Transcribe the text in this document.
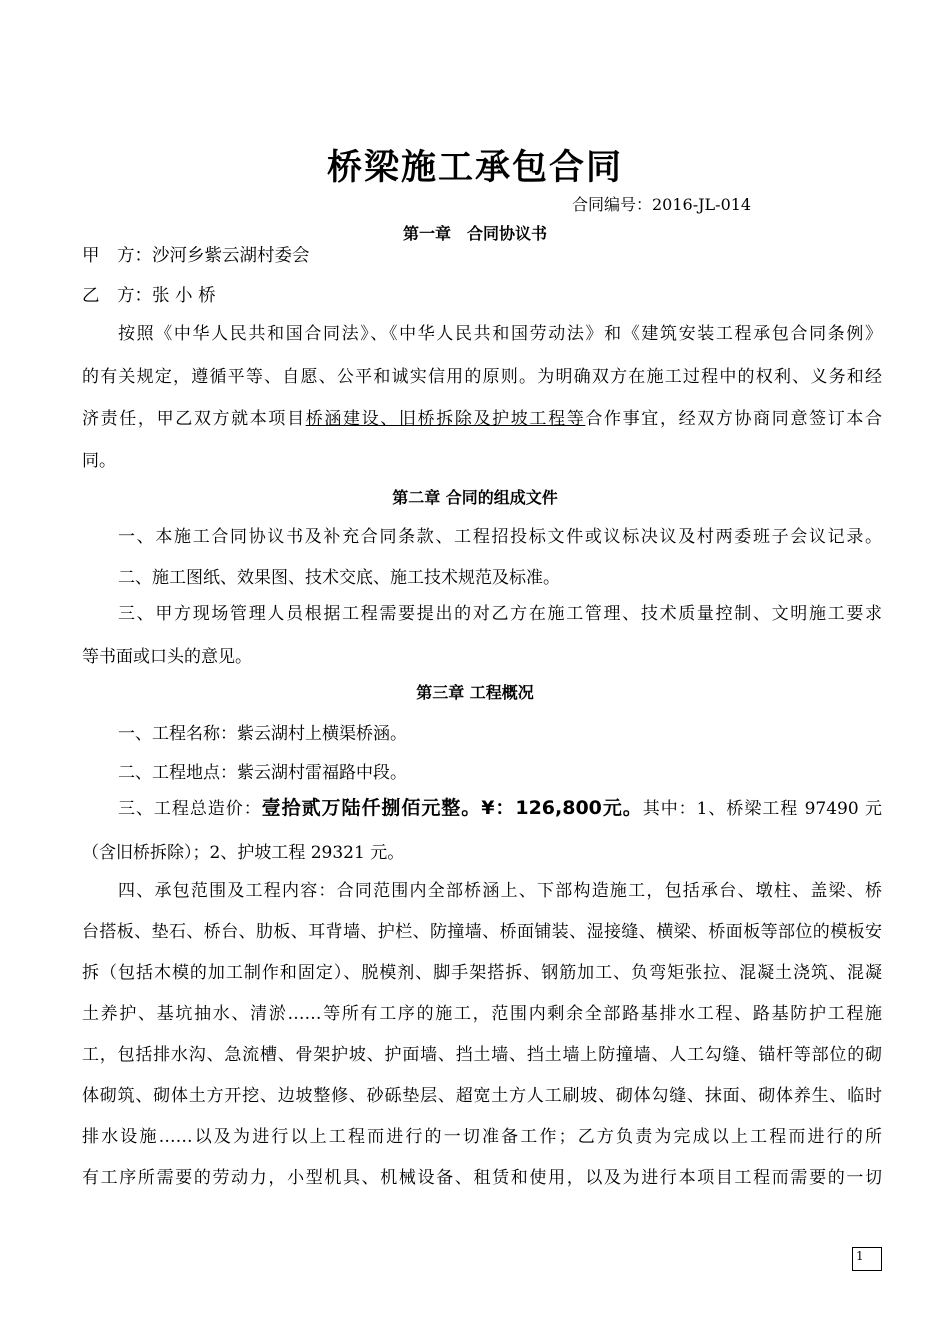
桥梁施工承包合同
合同编号：2016-JL-014
第一章　合同协议书
甲　方：沙河乡紫云湖村委会
乙　方：张 小 桥

按照《中华人民共和国合同法》、《中华人民共和国劳动法》和《建筑安装工程承包合同条例》

的有关规定，遵循平等、自愿、公平和诚实信用的原则。为明确双方在施工过程中的权利、义务和经

济责任，甲乙双方就本项目桥涵建设、旧桥拆除及护坡工程等合作事宜，经双方协商同意签订本合

同。

第二章 合同的组成文件

一、本施工合同协议书及补充合同条款、工程招投标文件或议标决议及村两委班子会议记录。

二、施工图纸、效果图、技术交底、施工技术规范及标准。

三、甲方现场管理人员根据工程需要提出的对乙方在施工管理、技术质量控制、文明施工要求

等书面或口头的意见。

第三章 工程概况

一、工程名称：紫云湖村上横渠桥涵。

二、工程地点：紫云湖村雷福路中段。

三、工程总造价：壹拾贰万陆仟捌佰元整。¥：126,800元。其中：1、桥梁工程 97490 元

（含旧桥拆除）；2、护坡工程 29321 元。

四、承包范围及工程内容：合同范围内全部桥涵上、下部构造施工，包括承台、墩柱、盖梁、桥

台搭板、垫石、桥台、肋板、耳背墙、护栏、防撞墙、桥面铺装、湿接缝、横梁、桥面板等部位的模板安

拆（包括木模的加工制作和固定）、脱模剂、脚手架搭拆、钢筋加工、负弯矩张拉、混凝土浇筑、混凝

土养护、基坑抽水、清淤……等所有工序的施工，范围内剩余全部路基排水工程、路基防护工程施

工，包括排水沟、急流槽、骨架护坡、护面墙、挡土墙、挡土墙上防撞墙、人工勾缝、锚杆等部位的砌

体砌筑、砌体土方开挖、边坡整修、砂砾垫层、超宽土方人工刷坡、砌体勾缝、抹面、砌体养生、临时

排水设施……以及为进行以上工程而进行的一切准备工作；乙方负责为完成以上工程而进行的所

有工序所需要的劳动力，小型机具、机械设备、租赁和使用，以及为进行本项目工程而需要的一切

1
